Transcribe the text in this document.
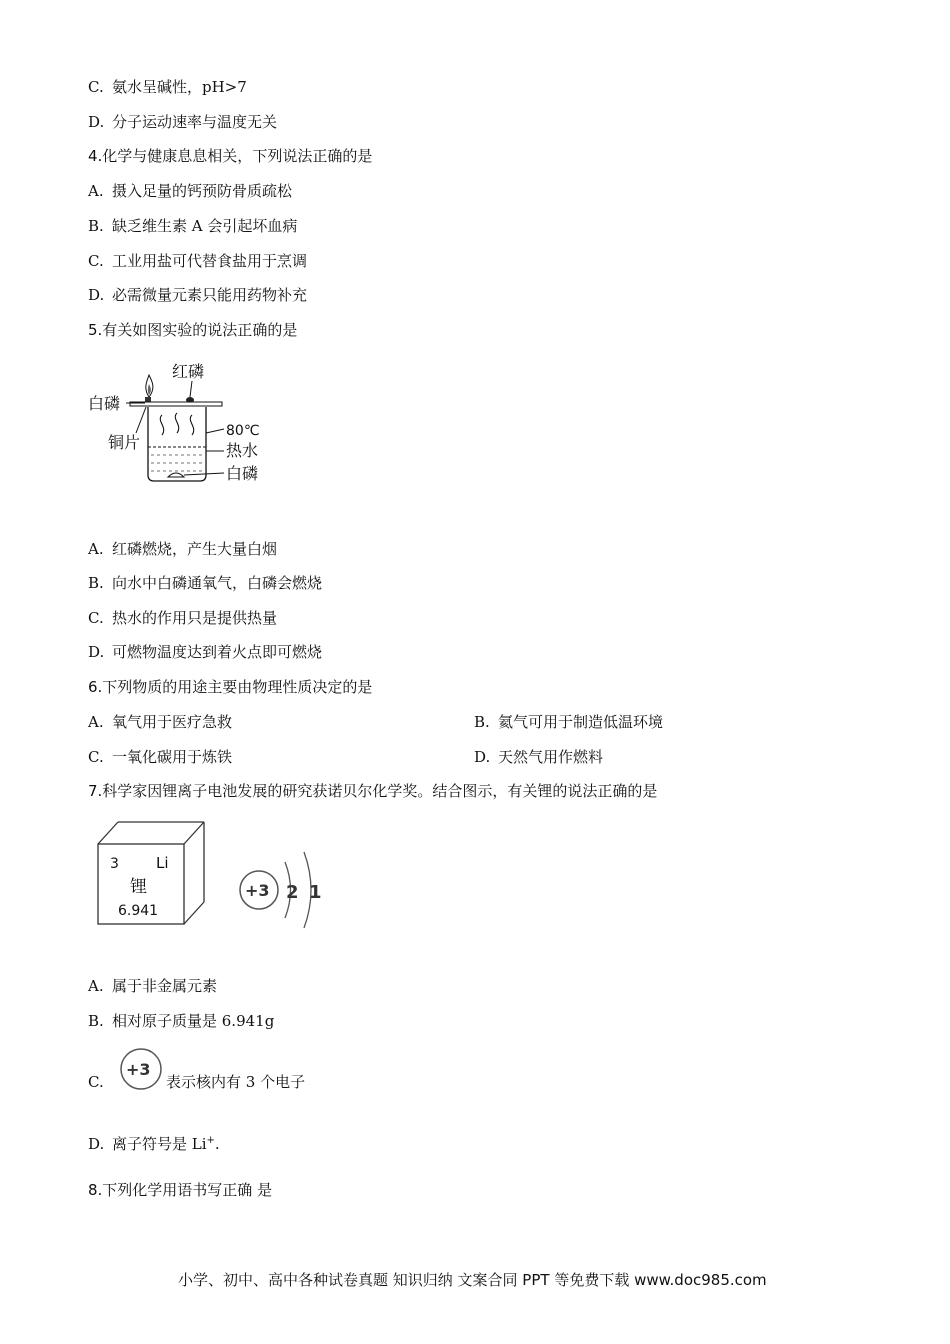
C. 氨水呈碱性，pH>7
D. 分子运动速率与温度无关
4.化学与健康息息相关，下列说法正确的是
A. 摄入足量的钙预防骨质疏松
B. 缺乏维生素 A 会引起坏血病
C. 工业用盐可代替食盐用于烹调
D. 必需微量元素只能用药物补充
5.有关如图实验的说法正确的是
红磷
白磷
铜片
80℃
热水
白磷
A. 红磷燃烧，产生大量白烟
B. 向水中白磷通氧气，白磷会燃烧
C. 热水的作用只是提供热量
D. 可燃物温度达到着火点即可燃烧
6.下列物质的用途主要由物理性质决定的是
A. 氧气用于医疗急救	B. 氦气可用于制造低温环境
C. 一氧化碳用于炼铁	D. 天然气用作燃料
7.科学家因锂离子电池发展的研究获诺贝尔化学奖。结合图示，有关锂的说法正确的是
3 Li
锂
6.941
+3 2 1
A. 属于非金属元素
B. 相对原子质量是 6.941g
C.
+3
表示核内有 3 个电子
D. 离子符号是 Li+.
8.下列化学用语书写正确 是
小学、初中、高中各种试卷真题 知识归纳 文案合同 PPT 等免费下载 www.doc985.com
